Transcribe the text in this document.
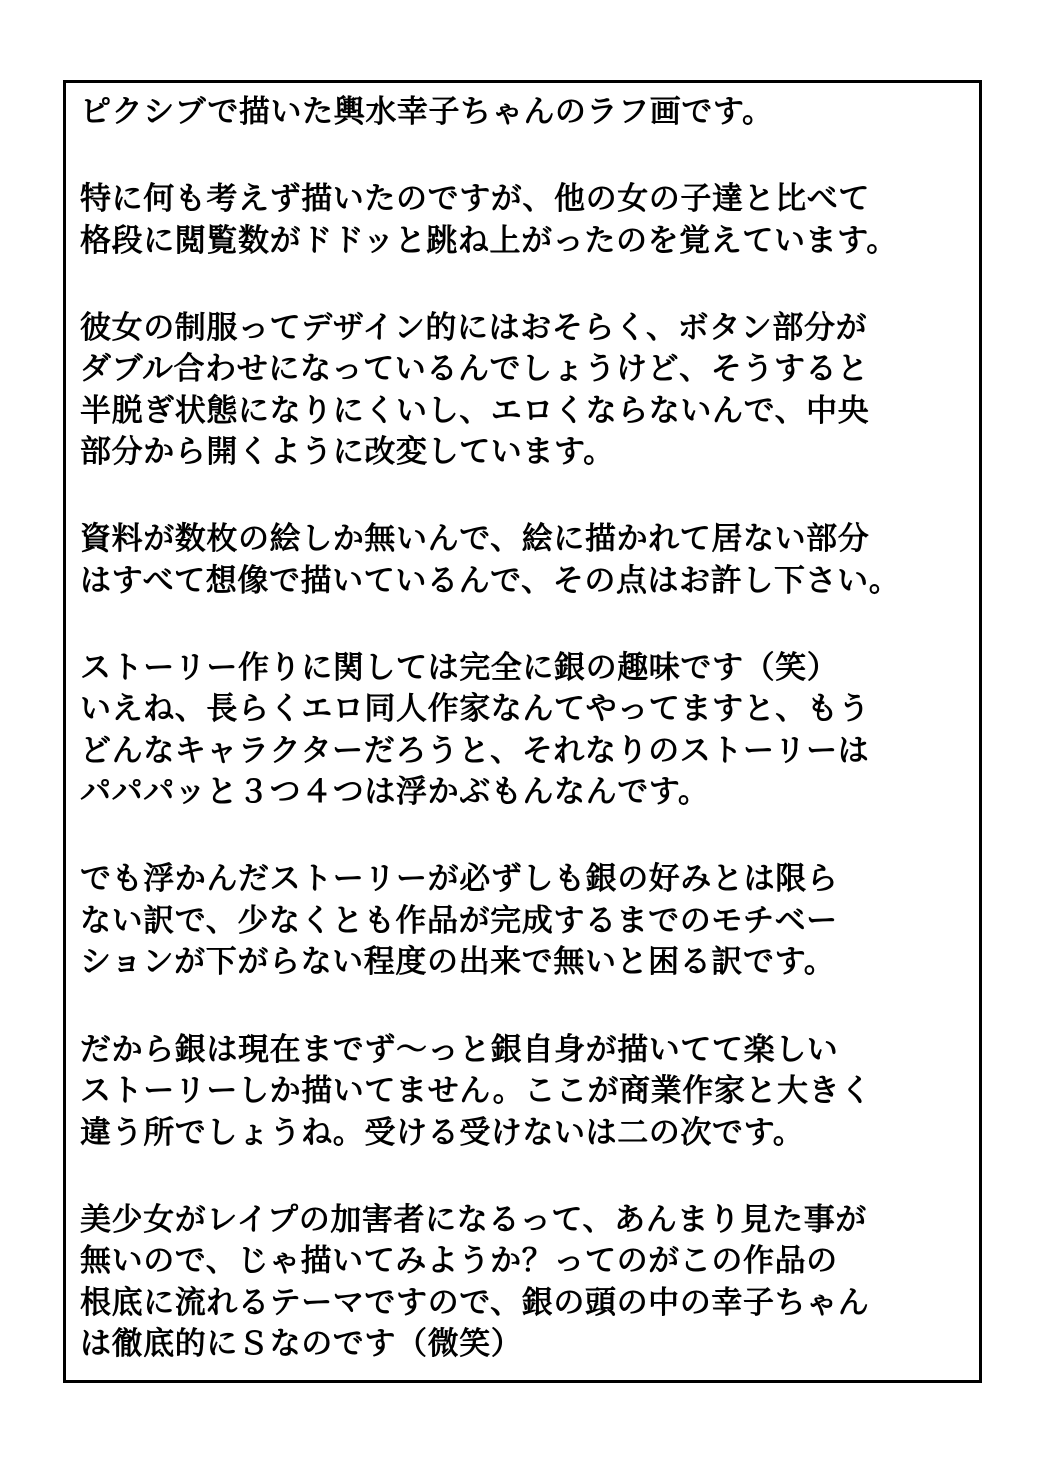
ピクシブで描いた輿水幸子ちゃんのラフ画です。

特に何も考えず描いたのですが、他の女の子達と比べて
格段に閲覧数がドドッと跳ね上がったのを覚えています。

彼女の制服ってデザイン的にはおそらく、ボタン部分が
ダブル合わせになっているんでしょうけど、そうすると
半脱ぎ状態になりにくいし、エロくならないんで、中央
部分から開くように改変しています。

資料が数枚の絵しか無いんで、絵に描かれて居ない部分
はすべて想像で描いているんで、その点はお許し下さい。

ストーリー作りに関しては完全に銀の趣味です（笑）
いえね、長らくエロ同人作家なんてやってますと、もう
どんなキャラクターだろうと、それなりのストーリーは
パパパッと３つ４つは浮かぶもんなんです。

でも浮かんだストーリーが必ずしも銀の好みとは限ら
ない訳で、少なくとも作品が完成するまでのモチベー
ションが下がらない程度の出来で無いと困る訳です。

だから銀は現在までず～っと銀自身が描いてて楽しい
ストーリーしか描いてません。ここが商業作家と大きく
違う所でしょうね。受ける受けないは二の次です。

美少女がレイプの加害者になるって、あんまり見た事が
無いので、じゃ描いてみようか？ってのがこの作品の
根底に流れるテーマですので、銀の頭の中の幸子ちゃん
は徹底的にＳなのです（微笑）
